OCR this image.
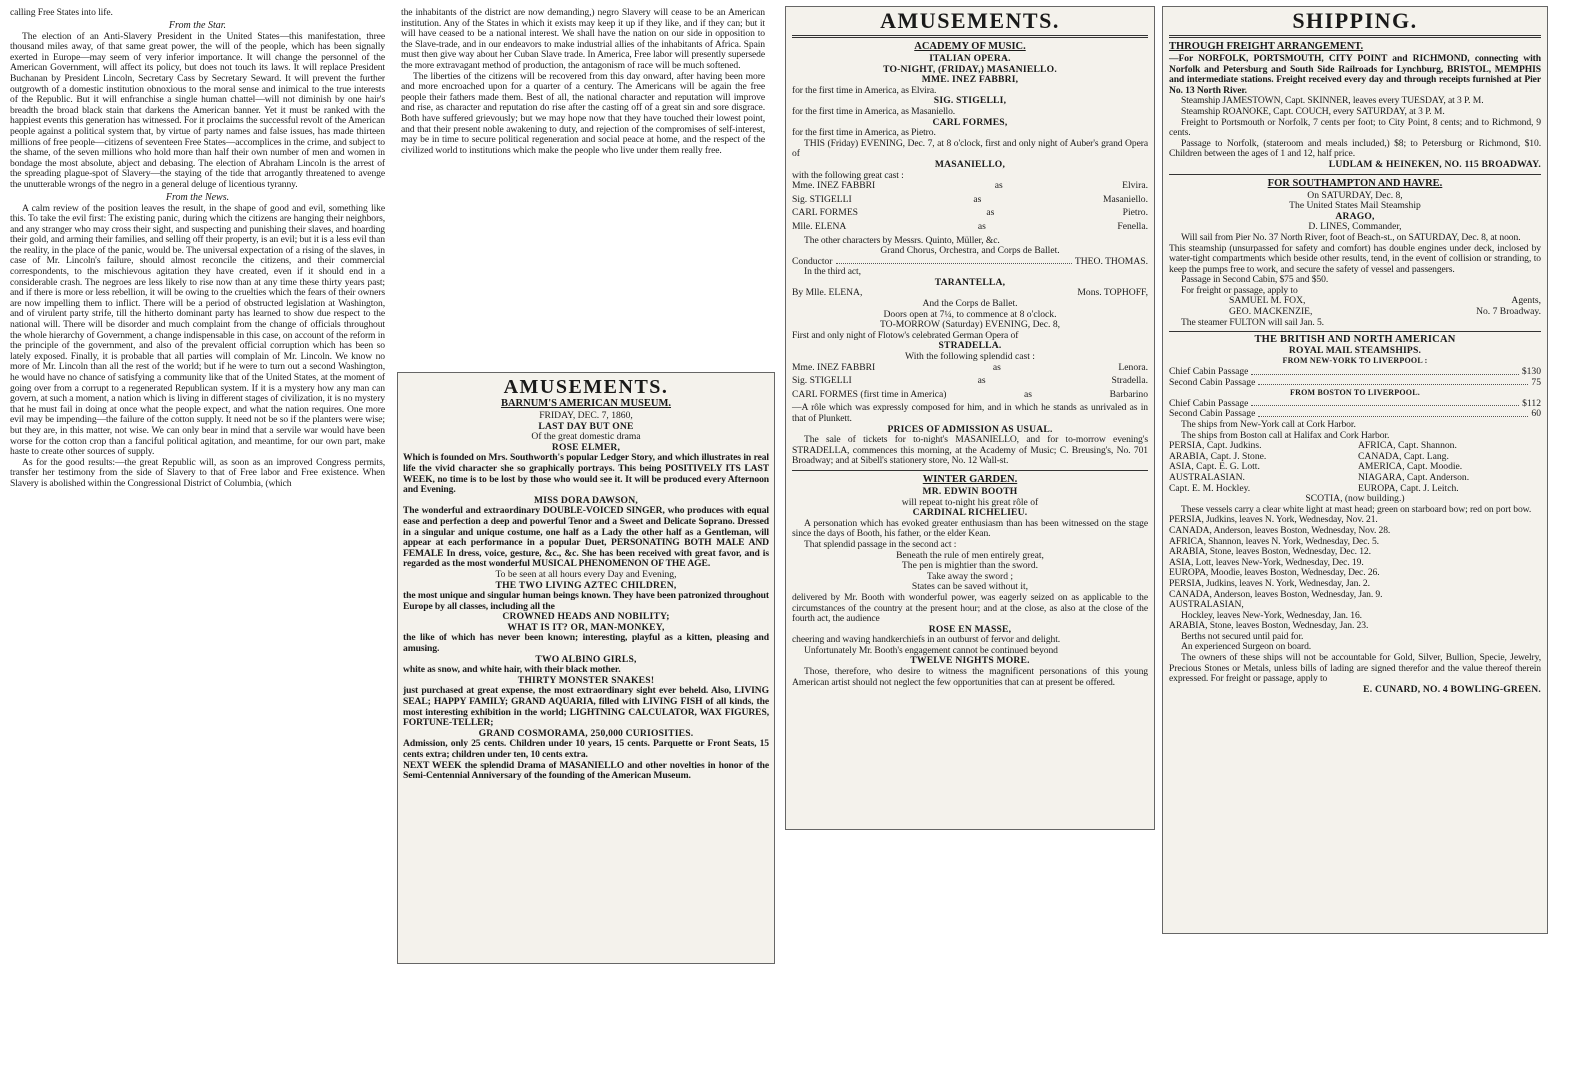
calling Free States into life.

From the Star.

The election of an Anti-Slavery President in the United States—this manifestation, three thousand miles away, of that same great power, the will of the people, which has been signally exerted in Europe—may seem of very inferior importance. It will change the personnel of the American Government, will affect its policy, but does not touch its laws. It will replace President Buchanan by President Lincoln, Secretary Cass by Secretary Seward. It will prevent the further outgrowth of a domestic institution obnoxious to the moral sense and inimical to the true interests of the Republic. But it will enfranchise a single human chattel—will not diminish by one hair's breadth the broad black stain that darkens the American banner. Yet it must be ranked with the happiest events this generation has witnessed. For it proclaims the successful revolt of the American people against a political system that, by virtue of party names and false issues, has made thirteen millions of free people—citizens of seventeen Free States—accomplices in the crime, and subject to the shame, of the seven millions who hold more than half their own number of men and women in bondage the most absolute, abject and debasing. The election of Abraham Lincoln is the arrest of the spreading plague-spot of Slavery—the staying of the tide that arrogantly threatened to avenge the unutterable wrongs of the negro in a general deluge of licentious tyranny.

From the News.

A calm review of the position leaves the result, in the shape of good and evil, something like this. To take the evil first: The existing panic, during which the citizens are hanging their neighbors, and any stranger who may cross their sight, and suspecting and punishing their slaves, and hoarding their gold, and arming their families, and selling off their property, is an evil; but it is a less evil than the reality, in the place of the panic, would be. The universal expectation of a rising of the slaves, in case of Mr. Lincoln's failure, should almost reconcile the citizens, and their commercial correspondents, to the mischievous agitation they have created, even if it should end in a considerable crash. The negroes are less likely to rise now than at any time these thirty years past; and if there is more or less rebellion, it will be owing to the cruelties which the fears of their owners are now impelling them to inflict. There will be a period of obstructed legislation at Washington, and of virulent party strife, till the hitherto dominant party has learned to show due respect to the national will. There will be disorder and much complaint from the change of officials throughout the whole hierarchy of Government, a change indispensable in this case, on account of the reform in the principle of the government, and also of the prevalent official corruption which has been so lately exposed. Finally, it is probable that all parties will complain of Mr. Lincoln. We know no more of Mr. Lincoln than all the rest of the world; but if he were to turn out a second Washington, he would have no chance of satisfying a community like that of the United States, at the moment of going over from a corrupt to a regenerated Republican system. If it is a mystery how any man can govern, at such a moment, a nation which is living in different stages of civilization, it is no mystery that he must fail in doing at once what the people expect, and what the nation requires. One more evil may be impending—the failure of the cotton supply. It need not be so if the planters were wise; but they are, in this matter, not wise. We can only bear in mind that a servile war would have been worse for the cotton crop than a fanciful political agitation, and meantime, for our own part, make haste to create other sources of supply.

As for the good results:—the great Republic will, as soon as an improved Congress permits, transfer her testimony from the side of Slavery to that of Free labor and Free existence. When Slavery is abolished within the Congressional District of Columbia, (which

the inhabitants of the district are now demanding,) negro Slavery will cease to be an American institution. Any of the States in which it exists may keep it up if they like, and if they can; but it will have ceased to be a national interest. We shall have the nation on our side in opposition to the Slave-trade, and in our endeavors to make industrial allies of the inhabitants of Africa. Spain must then give way about her Cuban Slave trade. In America, Free labor will presently supersede the more extravagant method of production, the antagonism of race will be much softened.

The liberties of the citizens will be recovered from this day onward, after having been more and more encroached upon for a quarter of a century. The Americans will be again the free people their fathers made them. Best of all, the national character and reputation will improve and rise, as character and reputation do rise after the casting off of a great sin and sore disgrace. Both have suffered grievously; but we may hope now that they have touched their lowest point, and that their present noble awakening to duty, and rejection of the compromises of self-interest, may be in time to secure political regeneration and social peace at home, and the respect of the civilized world to institutions which make the people who live under them really free.

AMUSEMENTS.

BARNUM'S AMERICAN MUSEUM.

FRIDAY, DEC. 7, 1860,

LAST DAY BUT ONE

Of the great domestic drama

ROSE ELMER,

Which is founded on Mrs. Southworth's popular Ledger Story, and which illustrates in real life the vivid character she so graphically portrays. This being POSITIVELY ITS LAST WEEK, no time is to be lost by those who would see it. It will be produced every Afternoon and Evening.

MISS DORA DAWSON,

The wonderful and extraordinary DOUBLE-VOICED SINGER, who produces with equal ease and perfection a deep and powerful Tenor and a Sweet and Delicate Soprano. Dressed in a singular and unique costume, one half as a Lady the other half as a Gentleman, will appear at each performance in a popular Duet, PERSONATING BOTH MALE AND FEMALE In dress, voice, gesture, &c., &c. She has been received with great favor, and is regarded as the most wonderful MUSICAL PHENOMENON OF THE AGE.

To be seen at all hours every Day and Evening,

THE TWO LIVING AZTEC CHILDREN,

the most unique and singular human beings known. They have been patronized throughout Europe by all classes, including all the

CROWNED HEADS AND NOBILITY;

WHAT IS IT? OR, MAN-MONKEY,

the like of which has never been known; interesting, playful as a kitten, pleasing and amusing.

TWO ALBINO GIRLS,

white as snow, and white hair, with their black mother.

THIRTY MONSTER SNAKES!

just purchased at great expense, the most extraordinary sight ever beheld. Also, LIVING SEAL; HAPPY FAMILY; GRAND AQUARIA, filled with LIVING FISH of all kinds, the most interesting exhibition in the world; LIGHTNING CALCULATOR, WAX FIGURES, FORTUNE-TELLER;

GRAND COSMORAMA, 250,000 CURIOSITIES.

Admission, only 25 cents. Children under 10 years, 15 cents. Parquette or Front Seats, 15 cents extra; children under ten, 10 cents extra.

NEXT WEEK the splendid Drama of MASANIELLO and other novelties in honor of the Semi-Centennial Anniversary of the founding of the American Museum.

AMUSEMENTS.

ACADEMY OF MUSIC.

ITALIAN OPERA.

TO-NIGHT, (FRIDAY,) MASANIELLO.

MME. INEZ FABBRI,

for the first time in America, as Elvira.

SIG. STIGELLI,

for the first time in America, as Masaniello.

CARL FORMES,

for the first time in America, as Pietro.

THIS (Friday) EVENING, Dec. 7, at 8 o'clock, first and only night of Auber's grand Opera of

MASANIELLO,

with the following great cast :

Mme. INEZ FABBRI	as	Elvira.
Sig. STIGELLI	as	Masaniello.
CARL FORMES	as	Pietro.
Mlle. ELENA	as	Fenella.

The other characters by Messrs. Quinto, Müller, &c.

Grand Chorus, Orchestra, and Corps de Ballet.

Conductor	THEO. THOMAS.

In the third act,

TARANTELLA,

By Mlle. ELENA,	Mons. TOPHOFF,

And the Corps de Ballet.

Doors open at 7¼, to commence at 8 o'clock.

TO-MORROW (Saturday) EVENING, Dec. 8,

First and only night of Flotow's celebrated German Opera of

STRADELLA.

With the following splendid cast :

Mme. INEZ FABBRI	as	Lenora.
Sig. STIGELLI	as	Stradella.
CARL FORMES (first time in America)	as	Barbarino

—A rôle which was expressly composed for him, and in which he stands as unrivaled as in that of Plunkett.

PRICES OF ADMISSION AS USUAL.

The sale of tickets for to-night's MASANIELLO, and for to-morrow evening's STRADELLA, commences this morning, at the Academy of Music; C. Breusing's, No. 701 Broadway; and at Sibell's stationery store, No. 12 Wall-st.

WINTER GARDEN.

MR. EDWIN BOOTH

will repeat to-night his great rôle of

CARDINAL RICHELIEU.

A personation which has evoked greater enthusiasm than has been witnessed on the stage since the days of Booth, his father, or the elder Kean.

That splendid passage in the second act :

Beneath the rule of men entirely great,

The pen is mightier than the sword.

Take away the sword ;

States can be saved without it,

delivered by Mr. Booth with wonderful power, was eagerly seized on as applicable to the circumstances of the country at the present hour; and at the close, as also at the close of the fourth act, the audience

ROSE EN MASSE,

cheering and waving handkerchiefs in an outburst of fervor and delight.

Unfortunately Mr. Booth's engagement cannot be continued beyond

TWELVE NIGHTS MORE.

Those, therefore, who desire to witness the magnificent personations of this young American artist should not neglect the few opportunities that can at present be offered.

SHIPPING.

THROUGH FREIGHT ARRANGEMENT.

—For NORFOLK, PORTSMOUTH, CITY POINT and RICHMOND, connecting with Norfolk and Petersburg and South Side Railroads for Lynchburg, BRISTOL, MEMPHIS and intermediate stations. Freight received every day and through receipts furnished at Pier No. 13 North River.

Steamship JAMESTOWN, Capt. SKINNER, leaves every TUESDAY, at 3 P. M.

Steamship ROANOKE, Capt. COUCH, every SATURDAY, at 3 P. M.

Freight to Portsmouth or Norfolk, 7 cents per foot; to City Point, 8 cents; and to Richmond, 9 cents.

Passage to Norfolk, (stateroom and meals included,) $8; to Petersburg or Richmond, $10. Children between the ages of 1 and 12, half price.

LUDLAM & HEINEKEN, NO. 115 BROADWAY.

FOR SOUTHAMPTON AND HAVRE.

On SATURDAY, Dec. 8,

The United States Mail Steamship

ARAGO,

D. LINES, Commander,

Will sail from Pier No. 37 North River, foot of Beach-st., on SATURDAY, Dec. 8, at noon.

This steamship (unsurpassed for safety and comfort) has double engines under deck, inclosed by water-tight compartments which beside other results, tend, in the event of collision or stranding, to keep the pumps free to work, and secure the safety of vessel and passengers.

Passage in Second Cabin, $75 and $50.

For freight or passage, apply to

SAMUEL M. FOX,	Agents,
GEO. MACKENZIE,	No. 7 Broadway.

The steamer FULTON will sail Jan. 5.

THE BRITISH AND NORTH AMERICAN

ROYAL MAIL STEAMSHIPS.

FROM NEW-YORK TO LIVERPOOL :

Chief Cabin Passage	$130
Second Cabin Passage	75

FROM BOSTON TO LIVERPOOL.

Chief Cabin Passage	$112
Second Cabin Passage	60

The ships from New-York call at Cork Harbor.

The ships from Boston call at Halifax and Cork Harbor.

PERSIA, Capt. Judkins.	AFRICA, Capt. Shannon.
ARABIA, Capt. J. Stone.	CANADA, Capt. Lang.
ASIA, Capt. E. G. Lott.	AMERICA, Capt. Moodie.
AUSTRALASIAN.	NIAGARA, Capt. Anderson.
Capt. E. M. Hockley.	EUROPA, Capt. J. Leitch.

SCOTIA, (now building.)

These vessels carry a clear white light at mast head; green on starboard bow; red on port bow.

PERSIA, Judkins, leaves N. York, Wednesday, Nov. 21.

CANADA, Anderson, leaves Boston, Wednesday, Nov. 28.

AFRICA, Shannon, leaves N. York, Wednesday, Dec. 5.

ARABIA, Stone, leaves Boston, Wednesday, Dec. 12.

ASIA, Lott, leaves New-York, Wednesday, Dec. 19.

EUROPA, Moodie, leaves Boston, Wednesday, Dec. 26.

PERSIA, Judkins, leaves N. York, Wednesday, Jan. 2.

CANADA, Anderson, leaves Boston, Wednesday, Jan. 9.

AUSTRALASIAN,

Hockley, leaves New-York, Wednesday, Jan. 16.

ARABIA, Stone, leaves Boston, Wednesday, Jan. 23.

Berths not secured until paid for.

An experienced Surgeon on board.

The owners of these ships will not be accountable for Gold, Silver, Bullion, Specie, Jewelry, Precious Stones or Metals, unless bills of lading are signed therefor and the value thereof therein expressed. For freight or passage, apply to

E. CUNARD, NO. 4 BOWLING-GREEN.
